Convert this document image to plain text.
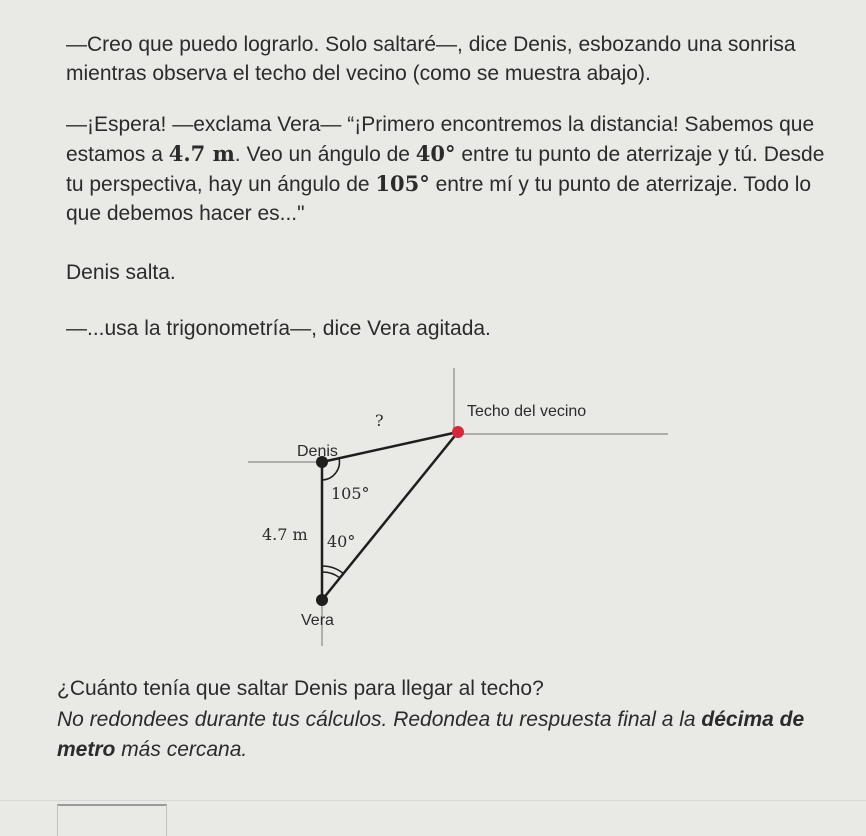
—Creo que puedo lograrlo. Solo saltaré—, dice Denis, esbozando una sonrisa mientras observa el techo del vecino (como se muestra abajo).

—¡Espera! —exclama Vera— “¡Primero encontremos la distancia! Sabemos que estamos a 4.7 m. Veo un ángulo de 40° entre tu punto de aterrizaje y tú. Desde tu perspectiva, hay un ángulo de 105° entre mí y tu punto de aterrizaje. Todo lo que debemos hacer es..."

Denis salta.

—...usa la trigonometría—, dice Vera agitada.

?	Techo del vecino
Denis
105°
4.7 m 40°
Vera

¿Cuánto tenía que saltar Denis para llegar al techo?

No redondees durante tus cálculos. Redondea tu respuesta final a la décima de metro más cercana.
